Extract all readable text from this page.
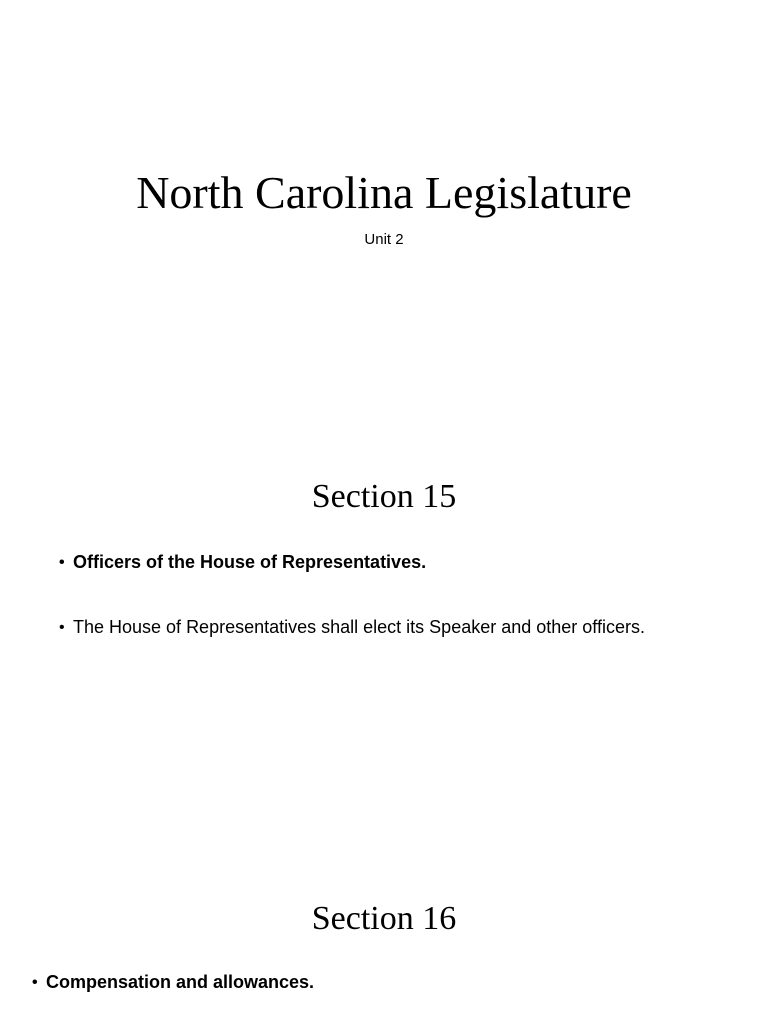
North Carolina Legislature
Unit 2
Section 15
• Officers of the House of Representatives.
• The House of Representatives shall elect its Speaker and other officers.
Section 16
• Compensation and allowances.
